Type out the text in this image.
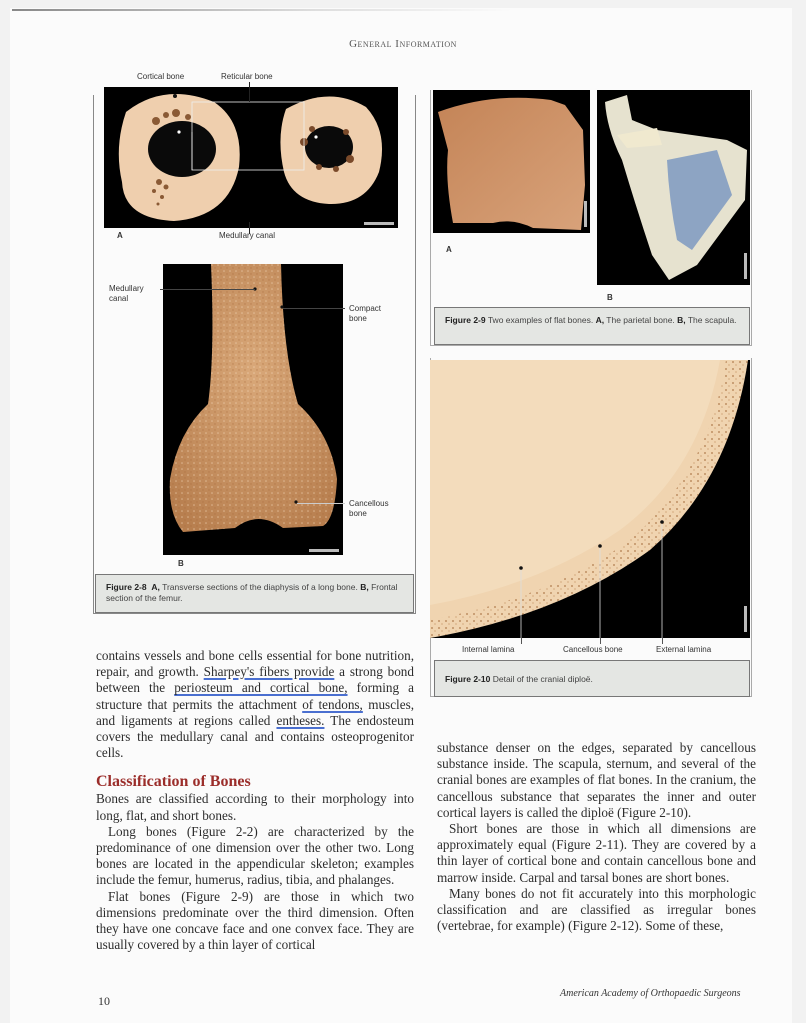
General Information
Cortical bone	Reticular bone
A	Medullary canal
Medullary canal
Compact bone
Cancellous bone
B
Figure 2-8 A, Transverse sections of the diaphysis of a long bone. B, Frontal section of the femur.
A
B
Figure 2-9 Two examples of flat bones. A, The parietal bone. B, The scapula.
Internal lamina	Cancellous bone	External lamina
Figure 2-10 Detail of the cranial diploë.

contains vessels and bone cells essential for bone nutrition, repair, and growth. Sharpey's fibers provide a strong bond between the periosteum and cortical bone, forming a structure that permits the attachment of tendons, muscles, and ligaments at regions called entheses. The endosteum covers the medullary canal and contains osteoprogenitor cells.

Classification of Bones

Bones are classified according to their morphology into long, flat, and short bones.

Long bones (Figure 2-2) are characterized by the predominance of one dimension over the other two. Long bones are located in the appendicular skeleton; examples include the femur, humerus, radius, tibia, and phalanges.

Flat bones (Figure 2-9) are those in which two dimensions predominate over the third dimension. Often they have one concave face and one convex face. They are usually covered by a thin layer of cortical

substance denser on the edges, separated by cancellous substance inside. The scapula, sternum, and several of the cranial bones are examples of flat bones. In the cranium, the cancellous substance that separates the inner and outer cortical layers is called the diploë (Figure 2-10).

Short bones are those in which all dimensions are approximately equal (Figure 2-11). They are covered by a thin layer of cortical bone and contain cancellous bone and marrow inside. Carpal and tarsal bones are short bones.

Many bones do not fit accurately into this morphologic classification and are classified as irregular bones (vertebrae, for example) (Figure 2-12). Some of these,

10
American Academy of Orthopaedic Surgeons
